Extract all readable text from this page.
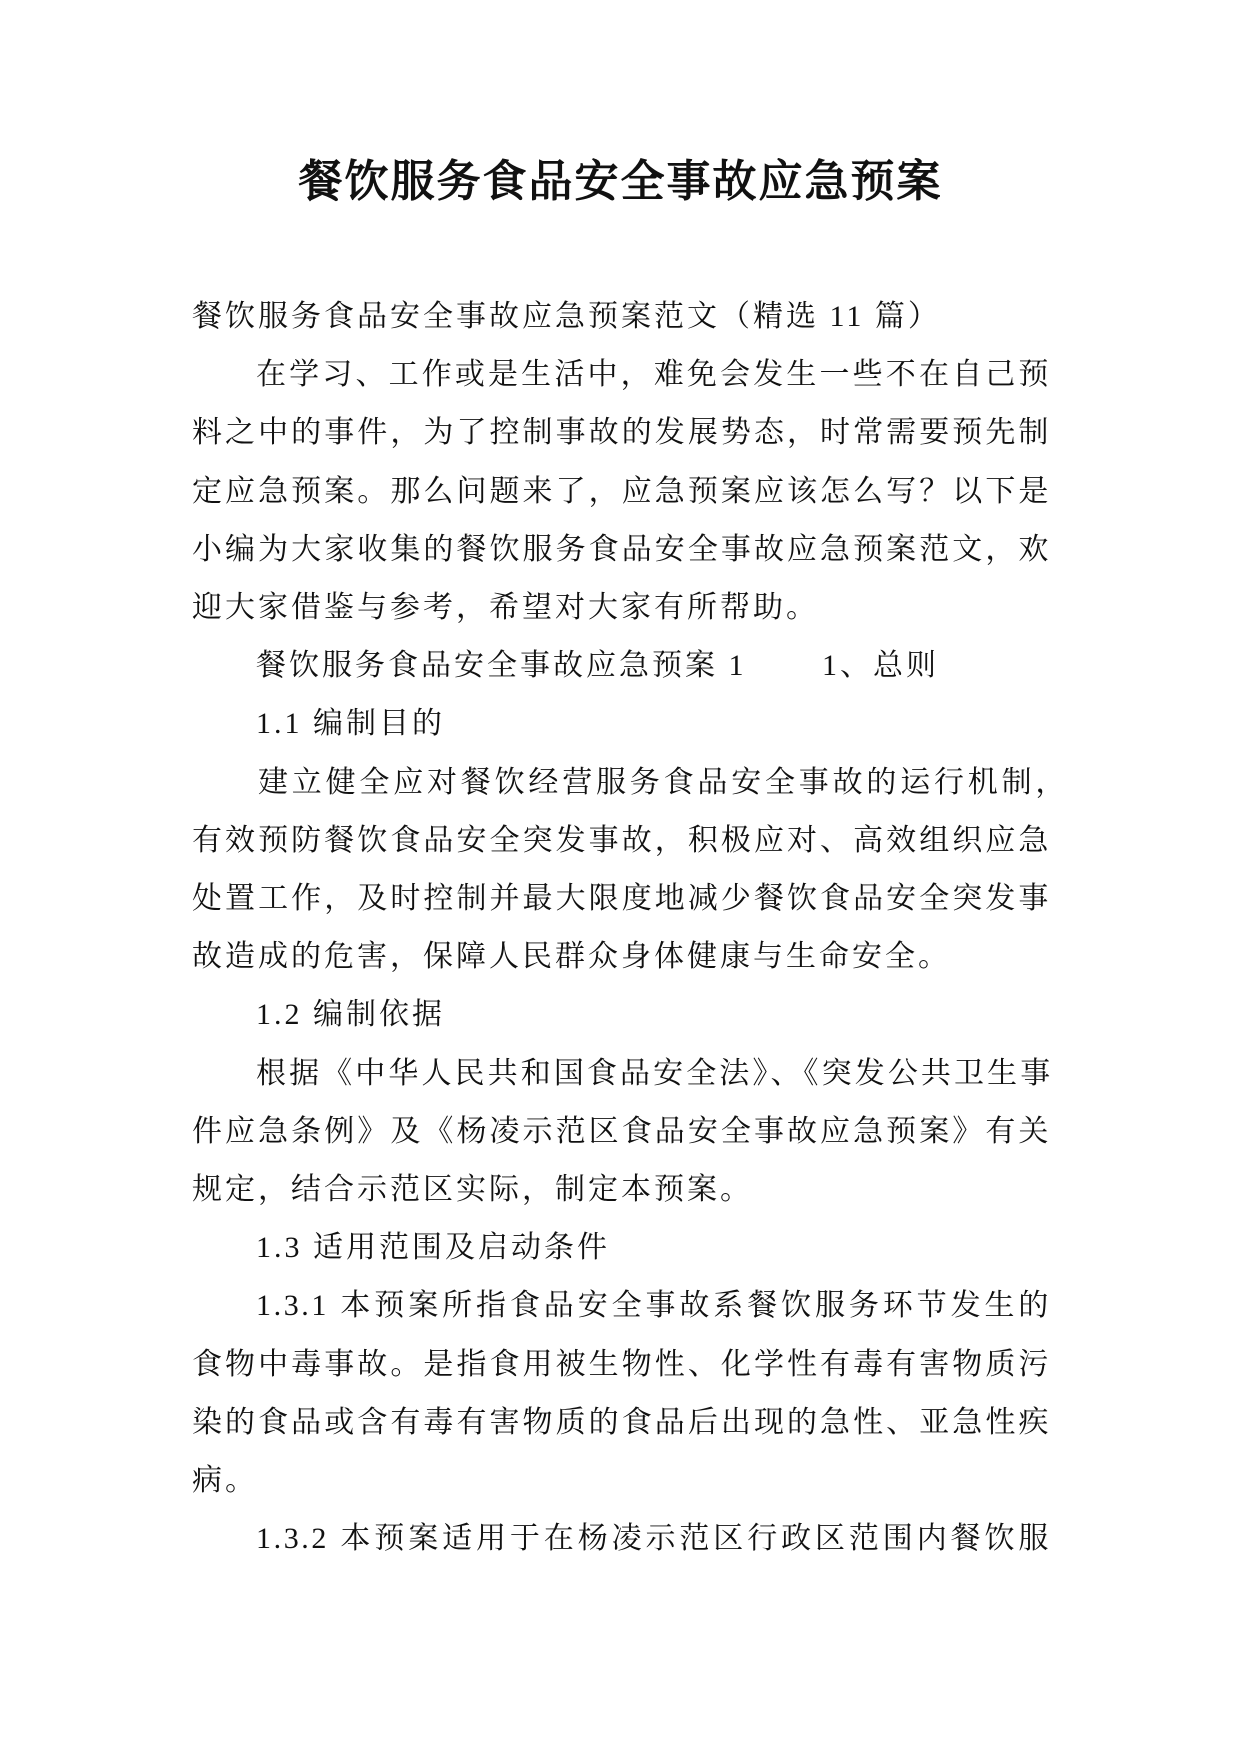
餐饮服务食品安全事故应急预案
餐饮服务食品安全事故应急预案范文（精选 11 篇）
在学习、工作或是生活中，难免会发生一些不在自己预
料之中的事件，为了控制事故的发展势态，时常需要预先制
定应急预案。那么问题来了，应急预案应该怎么写？以下是
小编为大家收集的餐饮服务食品安全事故应急预案范文，欢
迎大家借鉴与参考，希望对大家有所帮助。
餐饮服务食品安全事故应急预案 1	1、总则
1.1 编制目的
建立健全应对餐饮经营服务食品安全事故的运行机制，
有效预防餐饮食品安全突发事故，积极应对、高效组织应急
处置工作，及时控制并最大限度地减少餐饮食品安全突发事
故造成的危害，保障人民群众身体健康与生命安全。
1.2 编制依据
根据《中华人民共和国食品安全法》、《突发公共卫生事
件应急条例》及《杨凌示范区食品安全事故应急预案》有关
规定，结合示范区实际，制定本预案。
1.3 适用范围及启动条件
1.3.1 本预案所指食品安全事故系餐饮服务环节发生的
食物中毒事故。是指食用被生物性、化学性有毒有害物质污
染的食品或含有毒有害物质的食品后出现的急性、亚急性疾
病。
1.3.2 本预案适用于在杨凌示范区行政区范围内餐饮服
